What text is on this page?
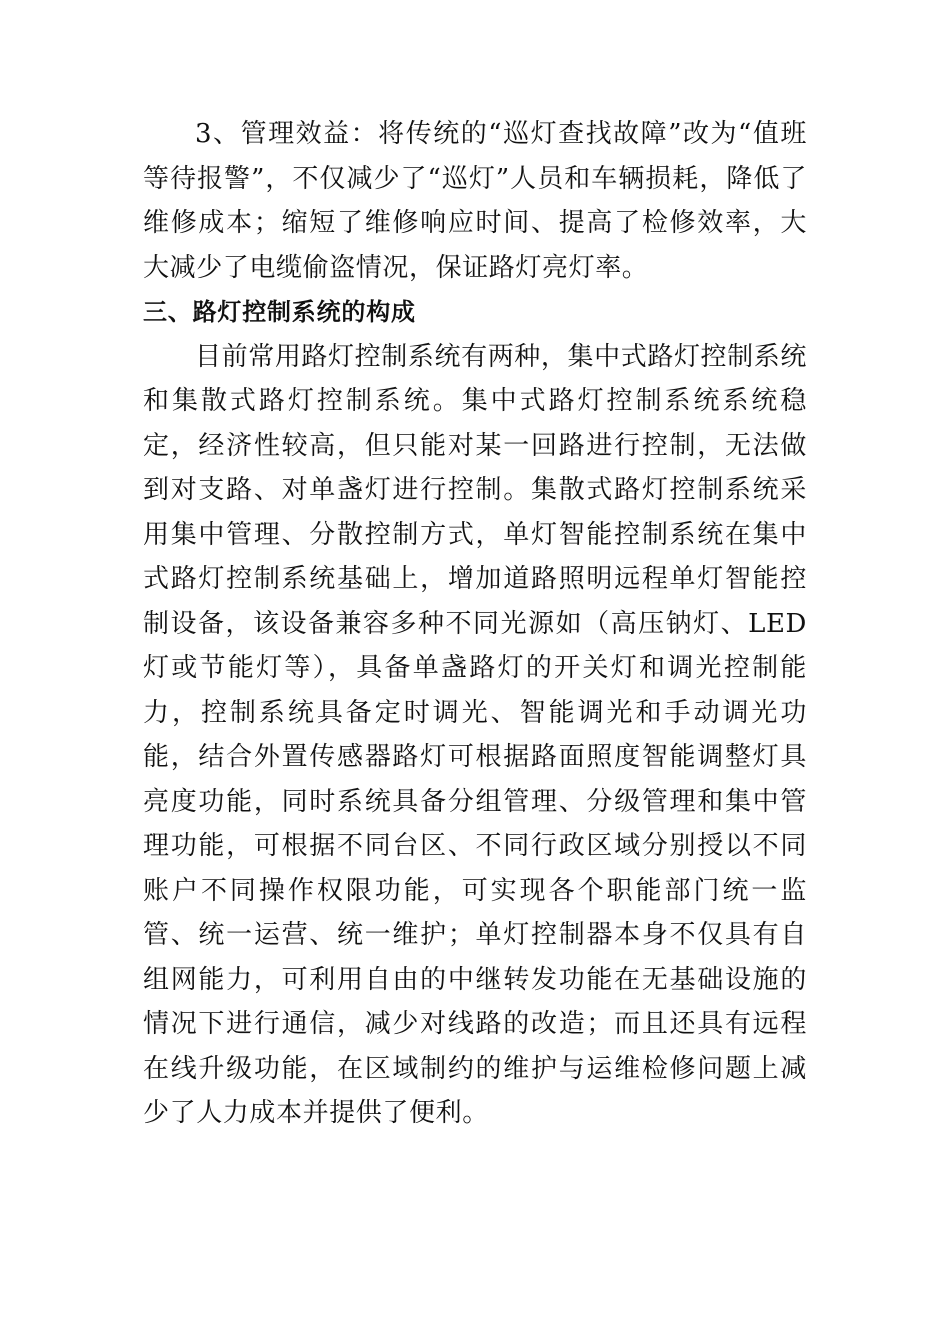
3、管理效益：将传统的“巡灯查找故障”改为“值班等待报警”，不仅减少了“巡灯”人员和车辆损耗，降低了维修成本；缩短了维修响应时间、提高了检修效率，大大减少了电缆偷盗情况，保证路灯亮灯率。

三、路灯控制系统的构成

目前常用路灯控制系统有两种，集中式路灯控制系统和集散式路灯控制系统。集中式路灯控制系统系统稳定，经济性较高，但只能对某一回路进行控制，无法做到对支路、对单盏灯进行控制。集散式路灯控制系统采用集中管理、分散控制方式，单灯智能控制系统在集中式路灯控制系统基础上，增加道路照明远程单灯智能控制设备，该设备兼容多种不同光源如（高压钠灯、LED灯或节能灯等），具备单盏路灯的开关灯和调光控制能力，控制系统具备定时调光、智能调光和手动调光功能，结合外置传感器路灯可根据路面照度智能调整灯具亮度功能，同时系统具备分组管理、分级管理和集中管理功能，可根据不同台区、不同行政区域分别授以不同账户不同操作权限功能，可实现各个职能部门统一监管、统一运营、统一维护；单灯控制器本身不仅具有自组网能力，可利用自由的中继转发功能在无基础设施的情况下进行通信，减少对线路的改造；而且还具有远程在线升级功能，在区域制约的维护与运维检修问题上减少了人力成本并提供了便利。
